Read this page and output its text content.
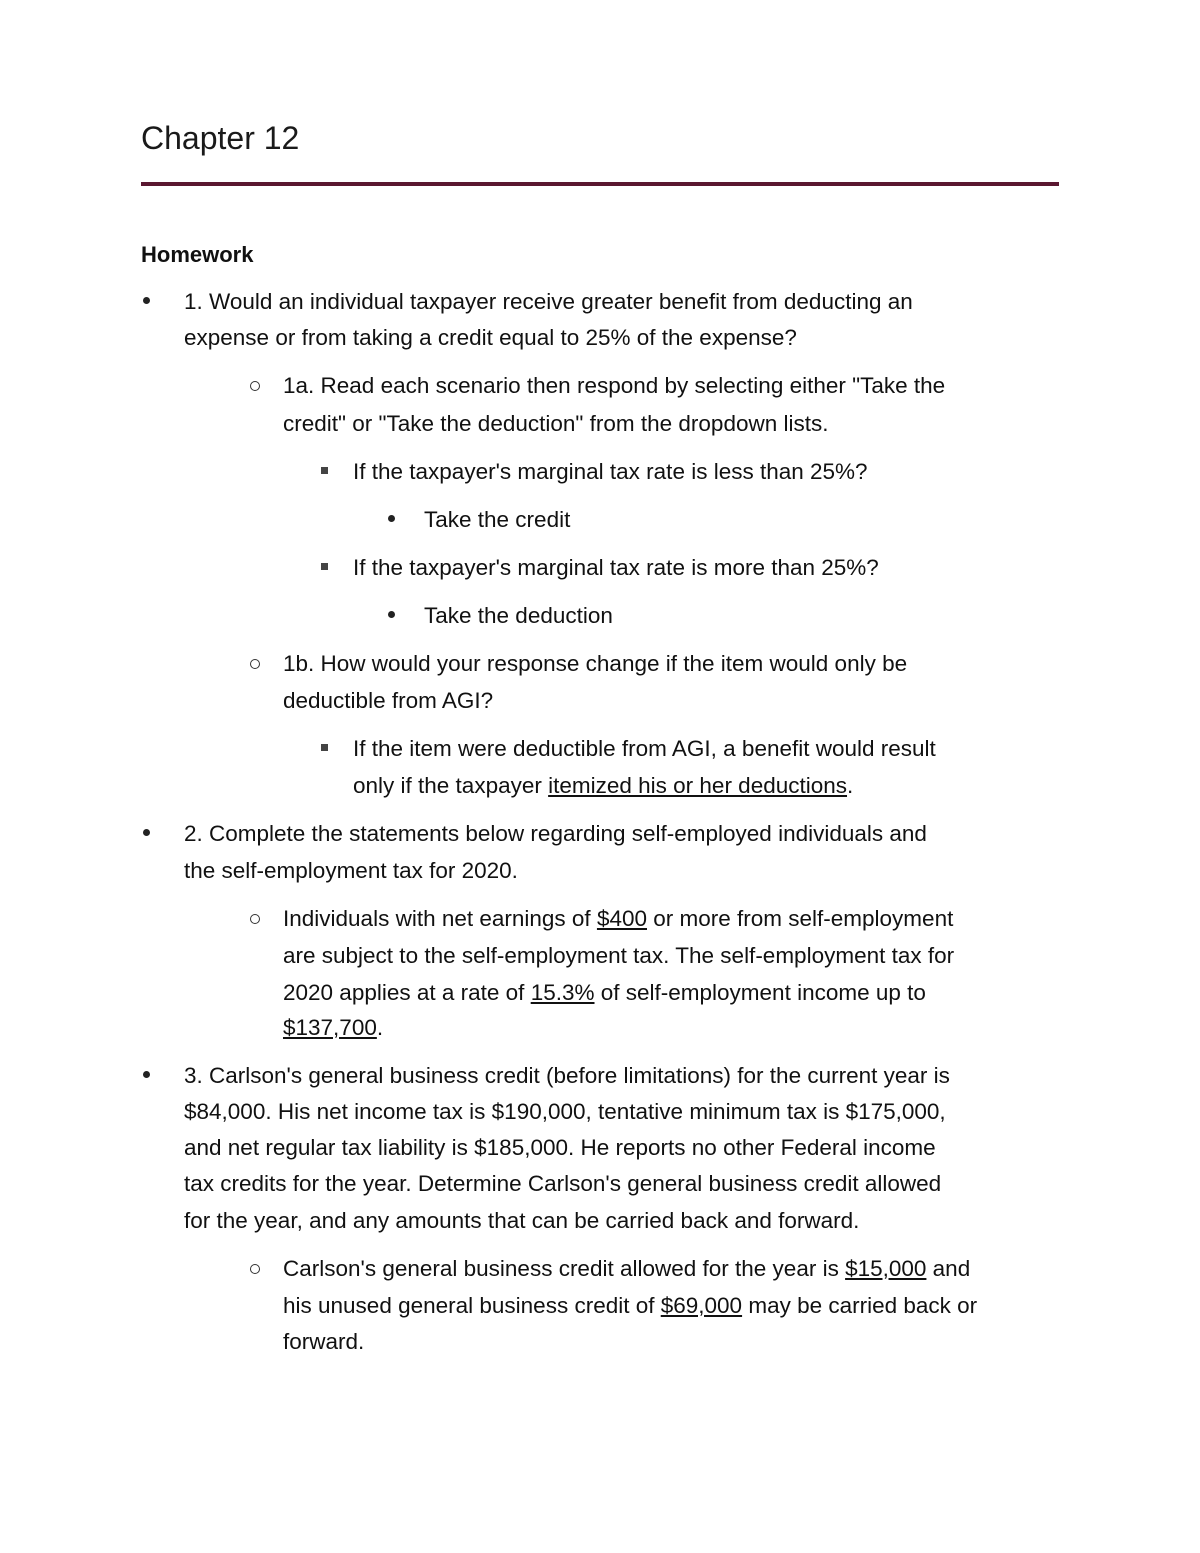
Chapter 12
Homework
1. Would an individual taxpayer receive greater benefit from deducting an
expense or from taking a credit equal to 25% of the expense?
1a. Read each scenario then respond by selecting either "Take the
credit" or "Take the deduction" from the dropdown lists.
If the taxpayer's marginal tax rate is less than 25%?
Take the credit
If the taxpayer's marginal tax rate is more than 25%?
Take the deduction
1b. How would your response change if the item would only be
deductible from AGI?
If the item were deductible from AGI, a benefit would result
only if the taxpayer itemized his or her deductions.
2. Complete the statements below regarding self-employed individuals and
the self-employment tax for 2020.
Individuals with net earnings of $400 or more from self-employment
are subject to the self-employment tax. The self-employment tax for
2020 applies at a rate of 15.3% of self-employment income up to
$137,700.
3. Carlson's general business credit (before limitations) for the current year is
$84,000. His net income tax is $190,000, tentative minimum tax is $175,000,
and net regular tax liability is $185,000. He reports no other Federal income
tax credits for the year. Determine Carlson's general business credit allowed
for the year, and any amounts that can be carried back and forward.
Carlson's general business credit allowed for the year is $15,000 and
his unused general business credit of $69,000 may be carried back or
forward.
